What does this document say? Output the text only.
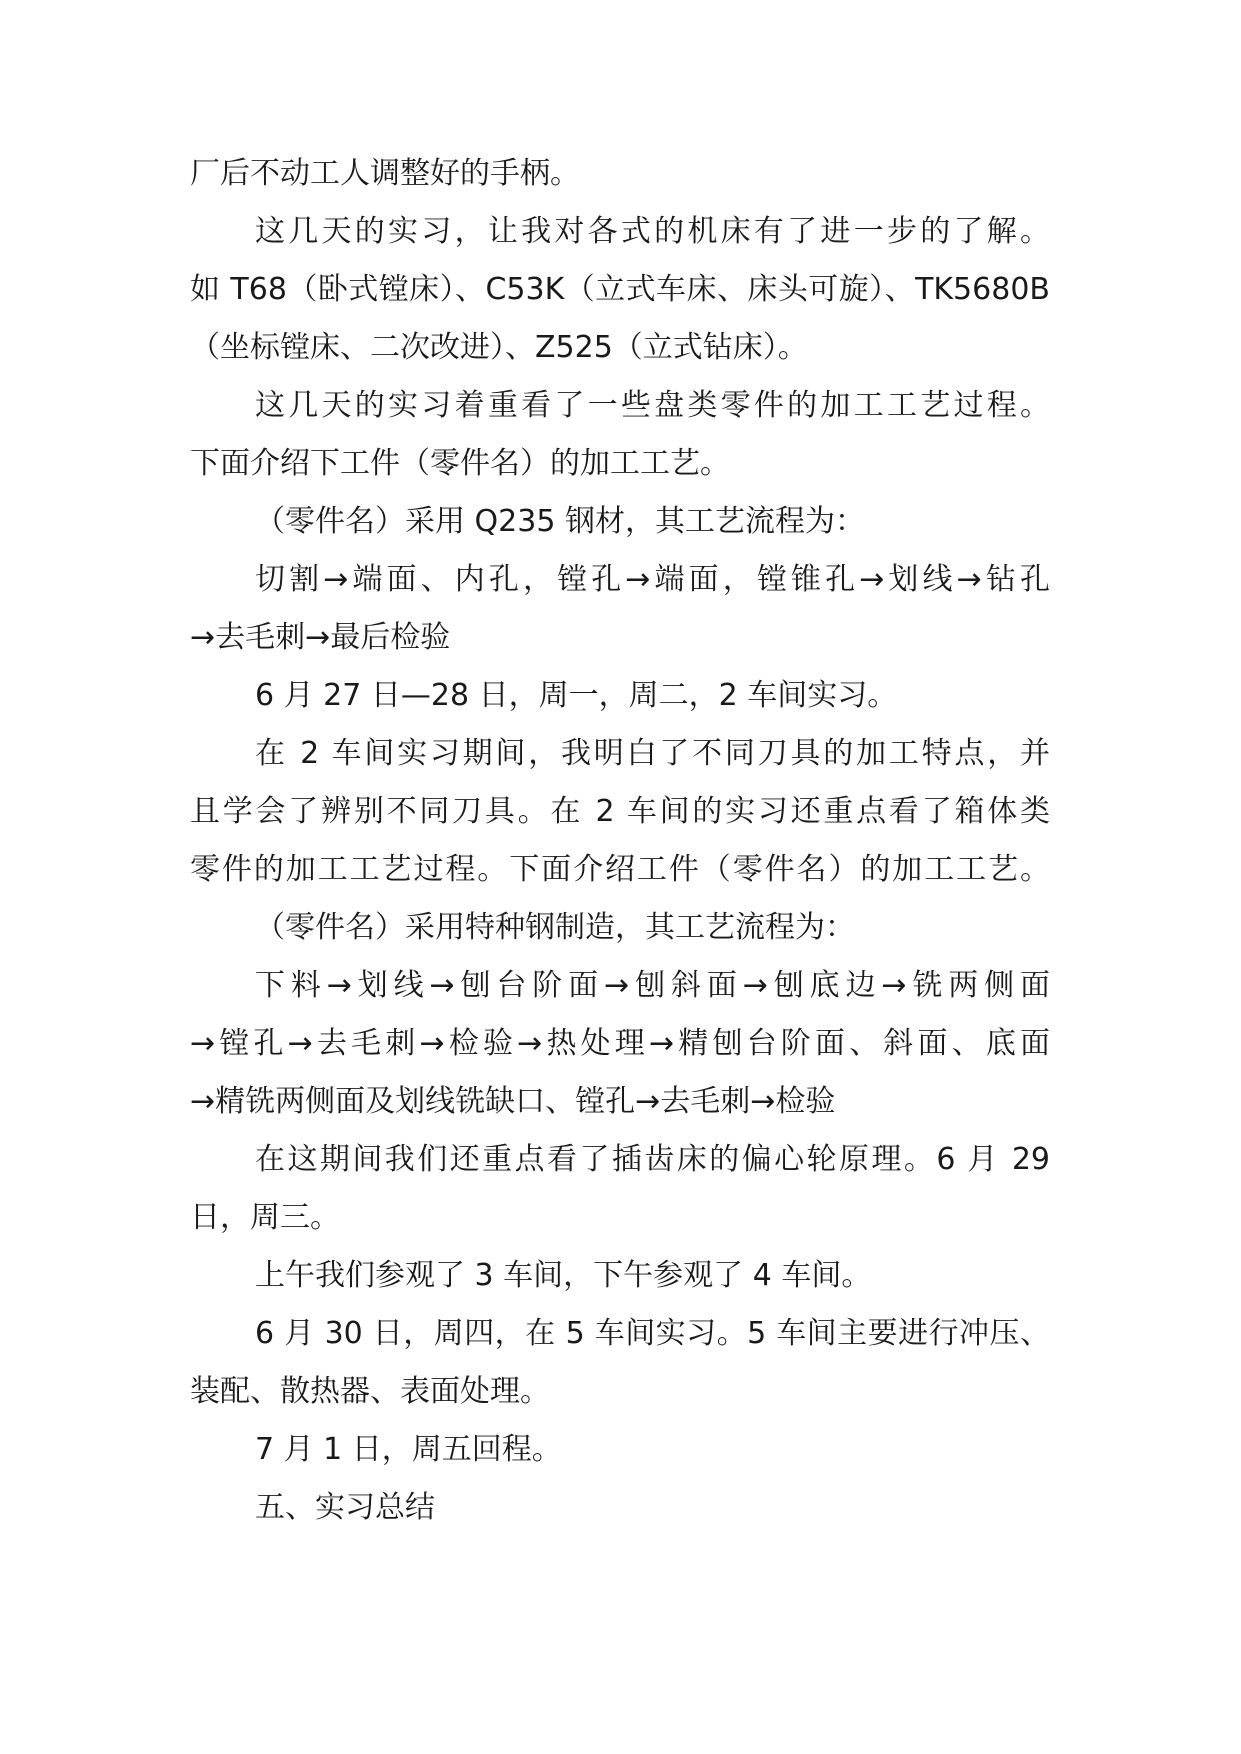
厂后不动工人调整好的手柄。

这几天的实习，让我对各式的机床有了进一步的了解。

如 T68（卧式镗床）、C53K（立式车床、床头可旋）、TK5680B

（坐标镗床、二次改进）、Z525（立式钻床）。

这几天的实习着重看了一些盘类零件的加工工艺过程。

下面介绍下工件（零件名）的加工工艺。

（零件名）采用 Q235 钢材，其工艺流程为：

切割→端面、内孔，镗孔→端面，镗锥孔→划线→钻孔

→去毛刺→最后检验

6 月 27 日—28 日，周一，周二，2 车间实习。

在 2 车间实习期间，我明白了不同刀具的加工特点，并

且学会了辨别不同刀具。在 2 车间的实习还重点看了箱体类

零件的加工工艺过程。下面介绍工件（零件名）的加工工艺。

（零件名）采用特种钢制造，其工艺流程为：

下料→划线→刨台阶面→刨斜面→刨底边→铣两侧面

→镗孔→去毛刺→检验→热处理→精刨台阶面、斜面、底面

→精铣两侧面及划线铣缺口、镗孔→去毛刺→检验

在这期间我们还重点看了插齿床的偏心轮原理。6 月 29

日，周三。

上午我们参观了 3 车间，下午参观了 4 车间。

6 月 30 日，周四，在 5 车间实习。5 车间主要进行冲压、

装配、散热器、表面处理。

7 月 1 日，周五回程。

五、实习总结
